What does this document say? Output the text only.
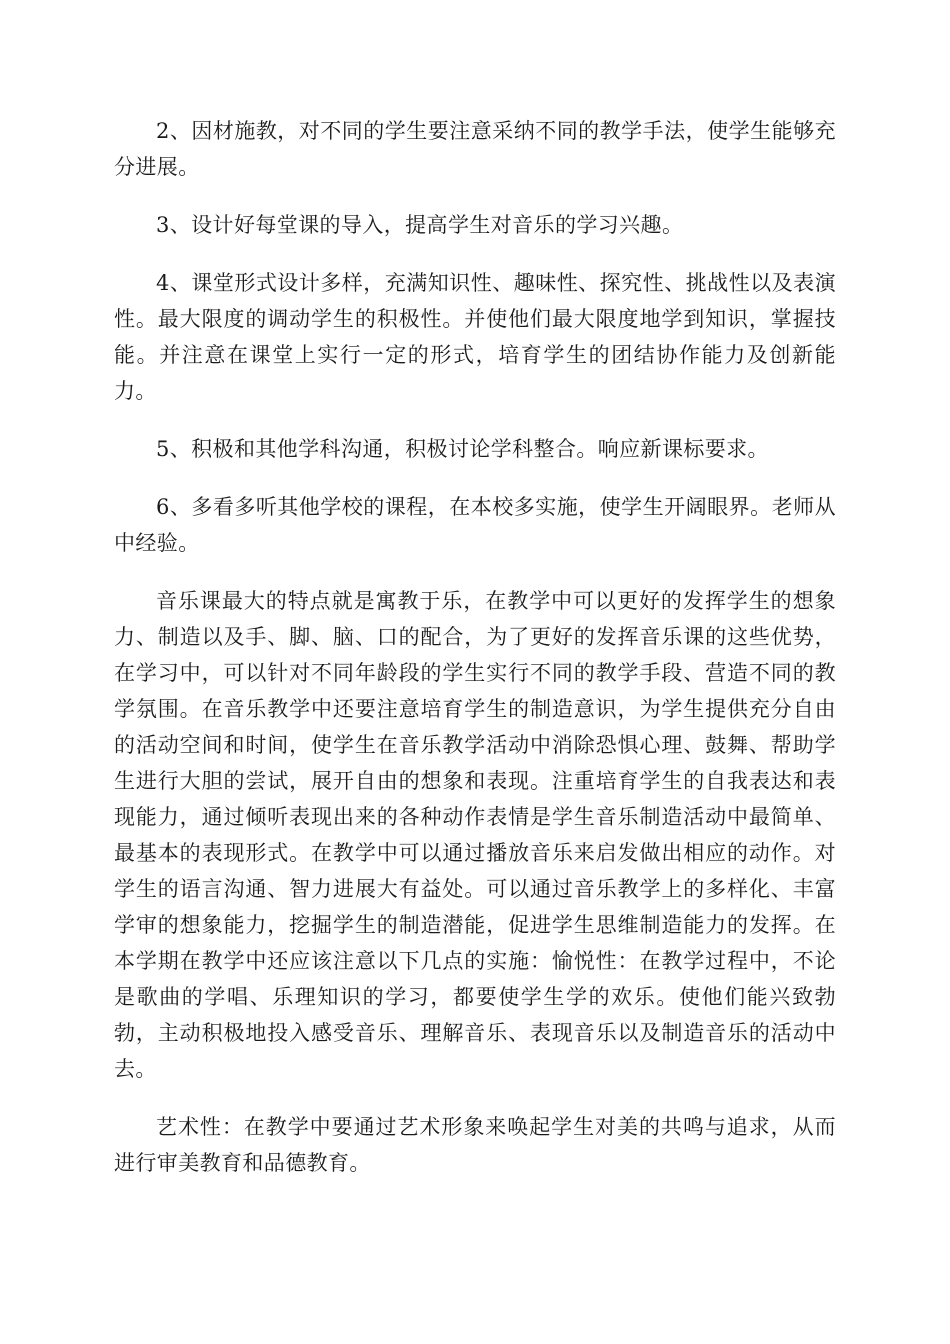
2、因材施教，对不同的学生要注意采纳不同的教学手法，使学生能够充分进展。

3、设计好每堂课的导入，提高学生对音乐的学习兴趣。

4、课堂形式设计多样，充满知识性、趣味性、探究性、挑战性以及表演性。最大限度的调动学生的积极性。并使他们最大限度地学到知识，掌握技能。并注意在课堂上实行一定的形式，培育学生的团结协作能力及创新能力。

5、积极和其他学科沟通，积极讨论学科整合。响应新课标要求。

6、多看多听其他学校的课程，在本校多实施，使学生开阔眼界。老师从中经验。

音乐课最大的特点就是寓教于乐，在教学中可以更好的发挥学生的想象力、制造以及手、脚、脑、口的配合，为了更好的发挥音乐课的这些优势，在学习中，可以针对不同年龄段的学生实行不同的教学手段、营造不同的教学氛围。在音乐教学中还要注意培育学生的制造意识，为学生提供充分自由的活动空间和时间，使学生在音乐教学活动中消除恐惧心理、鼓舞、帮助学生进行大胆的尝试，展开自由的想象和表现。注重培育学生的自我表达和表现能力，通过倾听表现出来的各种动作表情是学生音乐制造活动中最简单、最基本的表现形式。在教学中可以通过播放音乐来启发做出相应的动作。对学生的语言沟通、智力进展大有益处。可以通过音乐教学上的多样化、丰富学审的想象能力，挖掘学生的制造潜能，促进学生思维制造能力的发挥。在本学期在教学中还应该注意以下几点的实施：愉悦性：在教学过程中，不论是歌曲的学唱、乐理知识的学习，都要使学生学的欢乐。使他们能兴致勃勃，主动积极地投入感受音乐、理解音乐、表现音乐以及制造音乐的活动中去。

艺术性：在教学中要通过艺术形象来唤起学生对美的共鸣与追求，从而进行审美教育和品德教育。
